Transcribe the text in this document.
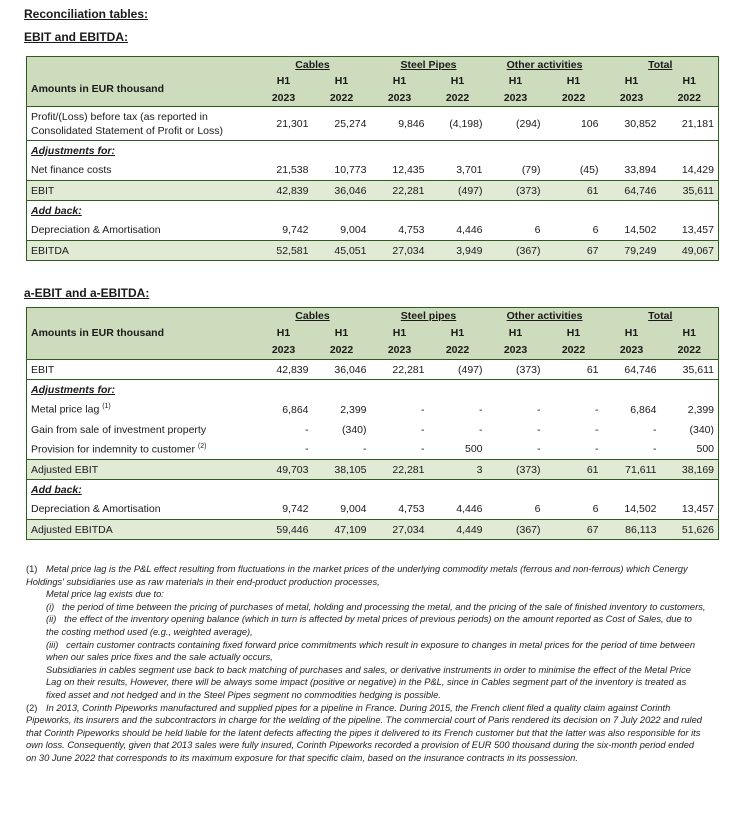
Reconciliation tables:
EBIT and EBITDA:
	Cables		Steel Pipes		Other activities		Total	
Amounts in EUR thousand	H1	H1	H1	H1	H1	H1	H1	H1
	2023	2022	2023	2022	2023	2022	2023	2022
Profit/(Loss) before tax (as reported in
Consolidated Statement of Profit or Loss)	21,301	25,274	9,846	(4,198)	(294)	106	30,852	21,181
Adjustments for:								
Net finance costs	21,538	10,773	12,435	3,701	(79)	(45)	33,894	14,429
EBIT	42,839	36,046	22,281	(497)	(373)	61	64,746	35,611
Add back:								
Depreciation & Amortisation	9,742	9,004	4,753	4,446	6	6	14,502	13,457
EBITDA	52,581	45,051	27,034	3,949	(367)	67	79,249	49,067
a-EBIT and a-EBITDA:
	Cables		Steel pipes		Other activities		Total	
Amounts in EUR thousand	H1	H1	H1	H1	H1	H1	H1	H1
	2023	2022	2023	2022	2023	2022	2023	2022
EBIT	42,839	36,046	22,281	(497)	(373)	61	64,746	35,611
Adjustments for:								
Metal price lag $^{(1)}$	6,864	2,399	-	-	-	-	6,864	2,399
Gain from sale of investment property	-	(340)	-	-	-	-	-	(340)
Provision for indemnity to customer $^{(2)}$	-	-	-	500	-	-	-	500
Adjusted EBIT	49,703	38,105	22,281	3	(373)	61	71,611	38,169
Add back:								
Depreciation & Amortisation	9,742	9,004	4,753	4,446	6	6	14,502	13,457
Adjusted EBITDA	59,446	47,109	27,034	4,449	(367)	67	86,113	51,626

(1) Metal price lag is the P&L effect resulting from fluctuations in the market prices of the underlying commodity metals (ferrous and non-ferrous) which Cenergy Holdings' subsidiaries use as raw materials in their end-product production processes,

Metal price lag exists due to:

(i) the period of time between the pricing of purchases of metal, holding and processing the metal, and the pricing of the sale of finished inventory to customers,

(ii) the effect of the inventory opening balance (which in turn is affected by metal prices of previous periods) on the amount reported as Cost of Sales, due to the costing method used (e.g., weighted average),

(iii) certain customer contracts containing fixed forward price commitments which result in exposure to changes in metal prices for the period of time between when our sales price fixes and the sale actually occurs,

Subsidiaries in cables segment use back to back matching of purchases and sales, or derivative instruments in order to minimise the effect of the Metal Price Lag on their results, However, there will be always some impact (positive or negative) in the P&L, since in Cables segment part of the inventory is treated as fixed asset and not hedged and in the Steel Pipes segment no commodities hedging is possible.

(2) In 2013, Corinth Pipeworks manufactured and supplied pipes for a pipeline in France. During 2015, the French client filed a quality claim against Corinth Pipeworks, its insurers and the subcontractors in charge for the welding of the pipeline. The commercial court of Paris rendered its decision on 7 July 2022 and ruled that Corinth Pipeworks should be held liable for the latent defects affecting the pipes it delivered to its French customer but that the latter was also responsible for its own loss. Consequently, given that 2013 sales were fully insured, Corinth Pipeworks recorded a provision of EUR 500 thousand during the six-month period ended on 30 June 2022 that corresponds to its maximum exposure for that specific claim, based on the insurance contracts in its possession.
